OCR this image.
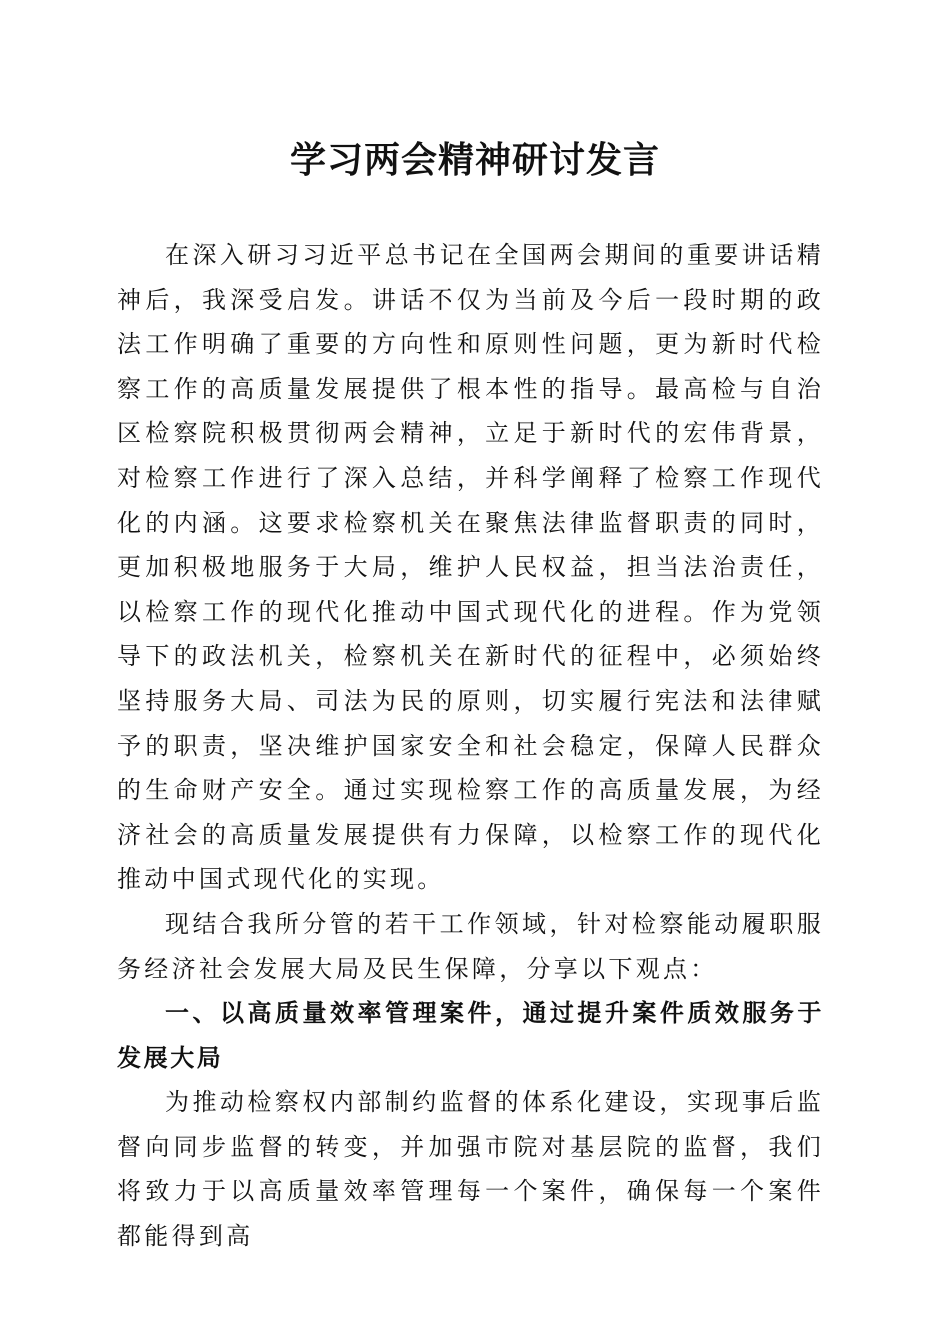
学习两会精神研讨发言

在深入研习习近平总书记在全国两会期间的重要讲话精神后，我深受启发。讲话不仅为当前及今后一段时期的政法工作明确了重要的方向性和原则性问题，更为新时代检察工作的高质量发展提供了根本性的指导。最高检与自治区检察院积极贯彻两会精神，立足于新时代的宏伟背景，对检察工作进行了深入总结，并科学阐释了检察工作现代化的内涵。这要求检察机关在聚焦法律监督职责的同时，更加积极地服务于大局，维护人民权益，担当法治责任，以检察工作的现代化推动中国式现代化的进程。作为党领导下的政法机关，检察机关在新时代的征程中，必须始终坚持服务大局、司法为民的原则，切实履行宪法和法律赋予的职责，坚决维护国家安全和社会稳定，保障人民群众的生命财产安全。通过实现检察工作的高质量发展，为经济社会的高质量发展提供有力保障，以检察工作的现代化推动中国式现代化的实现。

现结合我所分管的若干工作领域，针对检察能动履职服务经济社会发展大局及民生保障，分享以下观点：

一、以高质量效率管理案件，通过提升案件质效服务于发展大局

为推动检察权内部制约监督的体系化建设，实现事后监督向同步监督的转变，并加强市院对基层院的监督，我们将致力于以高质量效率管理每一个案件，确保每一个案件都能得到高
